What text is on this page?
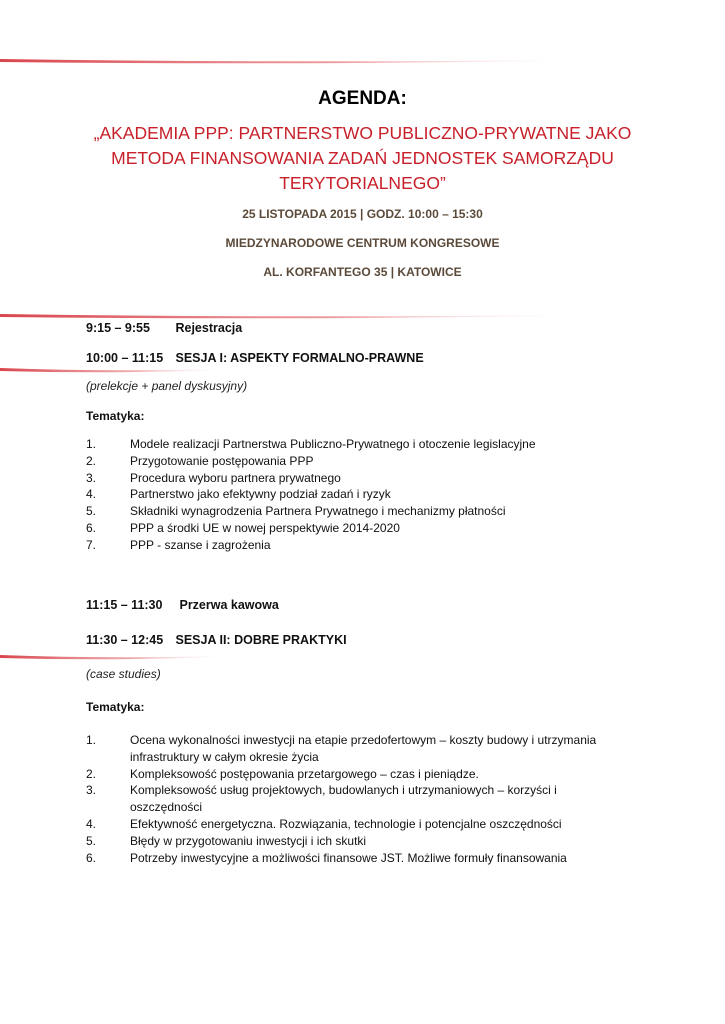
AGENDA:
„AKADEMIA PPP: PARTNERSTWO PUBLICZNO-PRYWATNE JAKO
METODA FINANSOWANIA ZADAŃ JEDNOSTEK SAMORZĄDU
TERYTORIALNEGO”
25 LISTOPADA 2015 | GODZ. 10:00 – 15:30
MIEDZYNARODOWE CENTRUM KONGRESOWE
AL. KORFANTEGO 35 | KATOWICE
9:15 – 9:55 Rejestracja
10:00 – 11:15 SESJA I: ASPEKTY FORMALNO-PRAWNE
(prelekcje + panel dyskusyjny)
Tematyka:
1.	Modele realizacji Partnerstwa Publiczno-Prywatnego i otoczenie legislacyjne
2.	Przygotowanie postępowania PPP
3.	Procedura wyboru partnera prywatnego
4.	Partnerstwo jako efektywny podział zadań i ryzyk
5.	Składniki wynagrodzenia Partnera Prywatnego i mechanizmy płatności
6.	PPP a środki UE w nowej perspektywie 2014-2020
7.	PPP - szanse i zagrożenia
11:15 – 11:30 Przerwa kawowa
11:30 – 12:45 SESJA II: DOBRE PRAKTYKI
(case studies)
Tematyka:
1.	Ocena wykonalności inwestycji na etapie przedofertowym – koszty budowy i utrzymania infrastruktury w całym okresie życia
2.	Kompleksowość postępowania przetargowego – czas i pieniądze.
3.	Kompleksowość usług projektowych, budowlanych i utrzymaniowych – korzyści i oszczędności
4.	Efektywność energetyczna. Rozwiązania, technologie i potencjalne oszczędności
5.	Błędy w przygotowaniu inwestycji i ich skutki
6.	Potrzeby inwestycyjne a możliwości finansowe JST. Możliwe formuły finansowania
